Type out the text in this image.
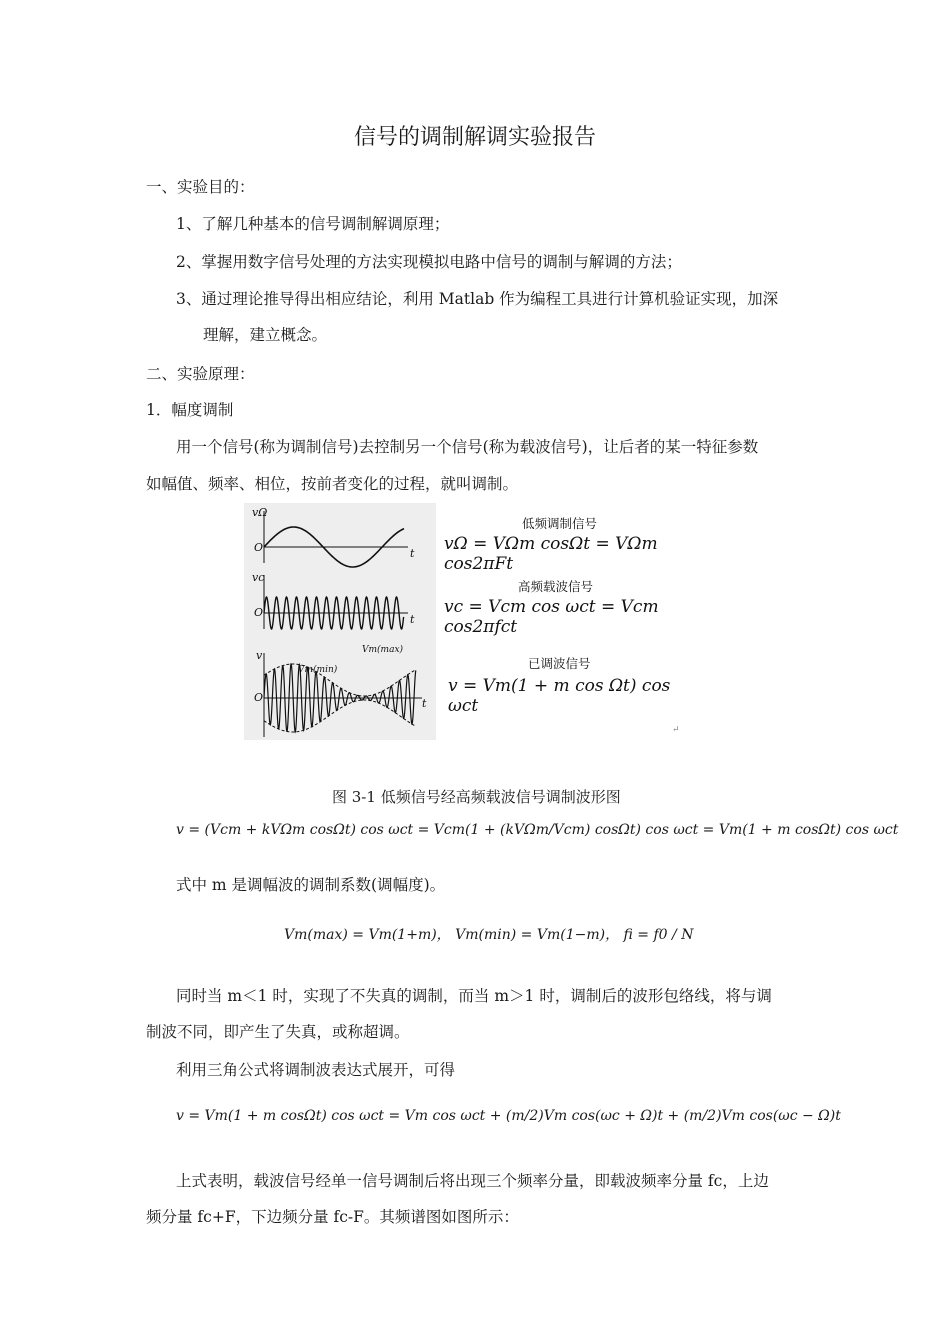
信号的调制解调实验报告
一、实验目的：
1、了解几种基本的信号调制解调原理；
2、掌握用数字信号处理的方法实现模拟电路中信号的调制与解调的方法；
3、通过理论推导得出相应结论，利用 Matlab 作为编程工具进行计算机验证实现，加深
理解，建立概念。
二、实验原理：
1．幅度调制
用一个信号(称为调制信号)去控制另一个信号(称为载波信号)，让后者的某一特征参数
如幅值、频率、相位，按前者变化的过程，就叫调制。
vΩ
O	t
vc
O
t
v
O	t
Vm(max)
Vm(min)
低频调制信号
vΩ = VΩm cosΩt = VΩm cos2πFt
高频载波信号
vc = Vcm cos ωct = Vcm cos2πfct
已调波信号
v = Vm(1 + m cos Ωt) cos ωct
↵
图 3-1 低频信号经高频载波信号调制波形图
v = (Vcm + kVΩm cosΩt) cos ωct = Vcm(1 + (kVΩm/Vcm) cosΩt) cos ωct = Vm(1 + m cosΩt) cos ωct
式中 m 是调幅波的调制系数(调幅度)。
Vm(max) = Vm(1+m)， Vm(min) = Vm(1−m)， fi = f0 / N
同时当 m＜1 时，实现了不失真的调制，而当 m＞1 时，调制后的波形包络线，将与调
制波不同，即产生了失真，或称超调。
利用三角公式将调制波表达式展开，可得
v = Vm(1 + m cosΩt) cos ωct = Vm cos ωct + (m/2)Vm cos(ωc + Ω)t + (m/2)Vm cos(ωc − Ω)t
上式表明，载波信号经单一信号调制后将出现三个频率分量，即载波频率分量 fc，上边
频分量 fc+F，下边频分量 fc-F。其频谱图如图所示：
